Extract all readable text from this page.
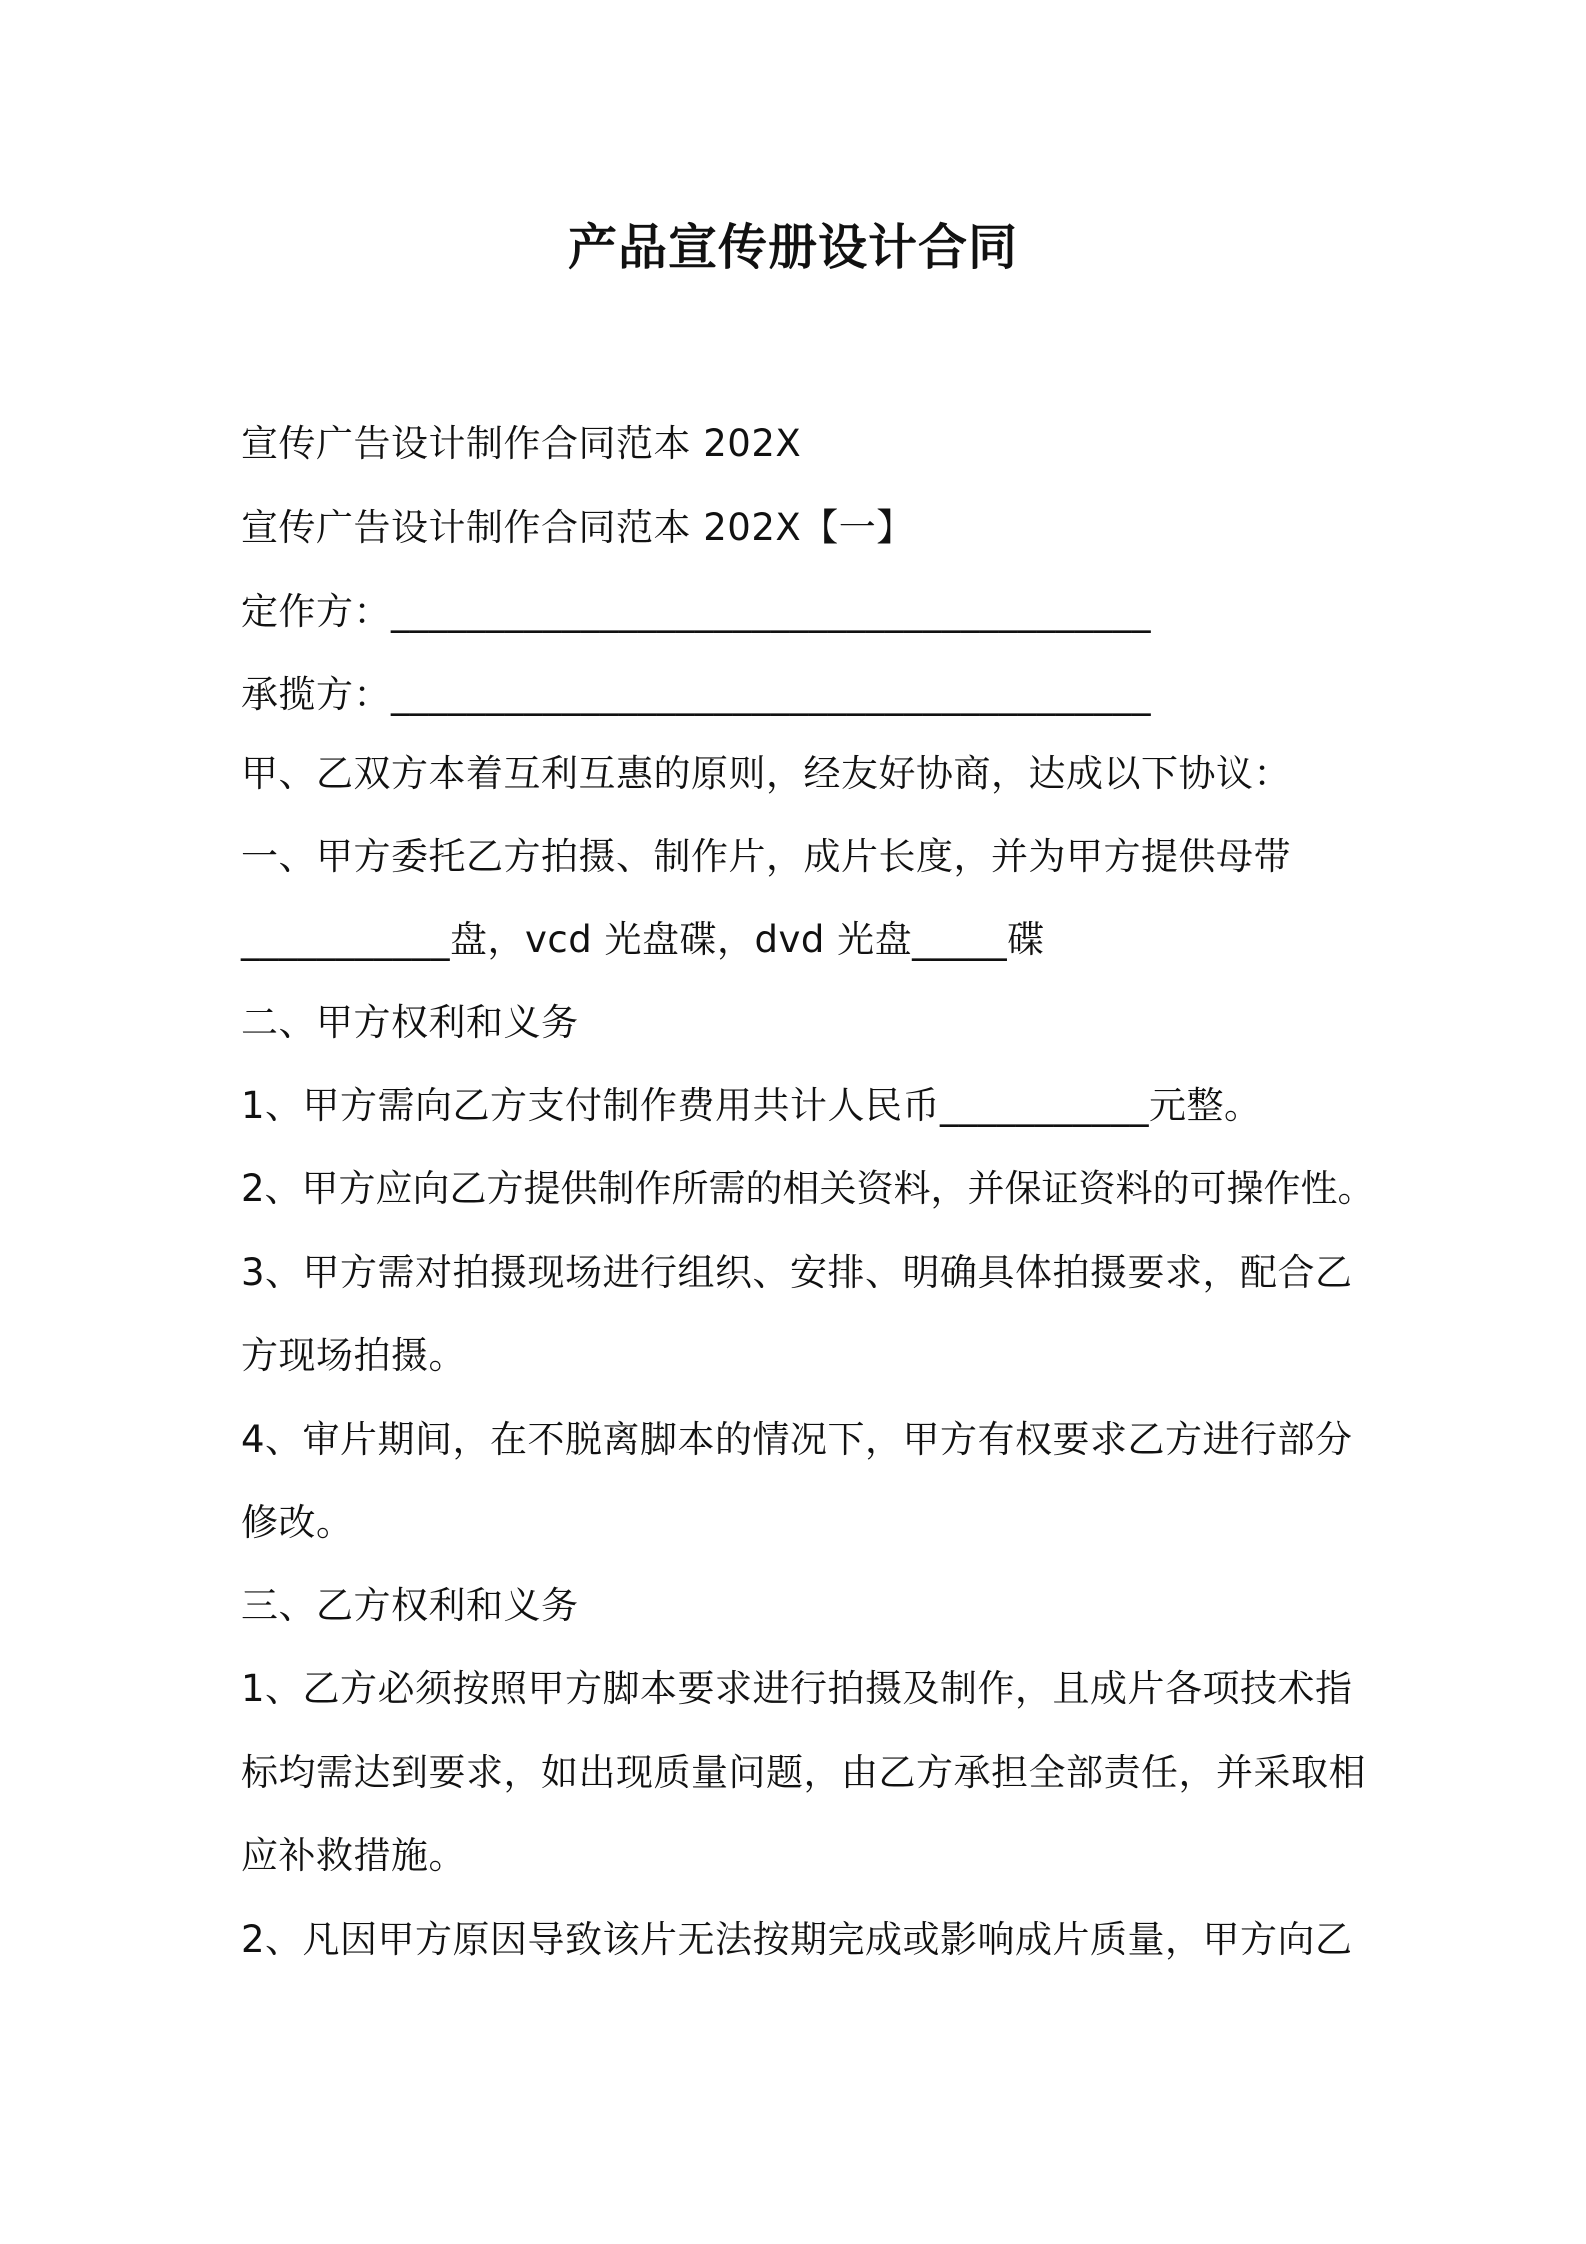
产品宣传册设计合同
宣传广告设计制作合同范本 202X
宣传广告设计制作合同范本 202X【一】
定作方：________________________________________
承揽方：________________________________________
甲、乙双方本着互利互惠的原则，经友好协商，达成以下协议：
一、甲方委托乙方拍摄、制作片，成片长度，并为甲方提供母带
___________盘，vcd 光盘碟，dvd 光盘_____碟
二、甲方权利和义务
1、甲方需向乙方支付制作费用共计人民币___________元整。
2、甲方应向乙方提供制作所需的相关资料，并保证资料的可操作性。
3、甲方需对拍摄现场进行组织、安排、明确具体拍摄要求，配合乙
方现场拍摄。
4、审片期间，在不脱离脚本的情况下，甲方有权要求乙方进行部分
修改。
三、乙方权利和义务
1、乙方必须按照甲方脚本要求进行拍摄及制作，且成片各项技术指
标均需达到要求，如出现质量问题，由乙方承担全部责任，并采取相
应补救措施。
2、凡因甲方原因导致该片无法按期完成或影响成片质量，甲方向乙
